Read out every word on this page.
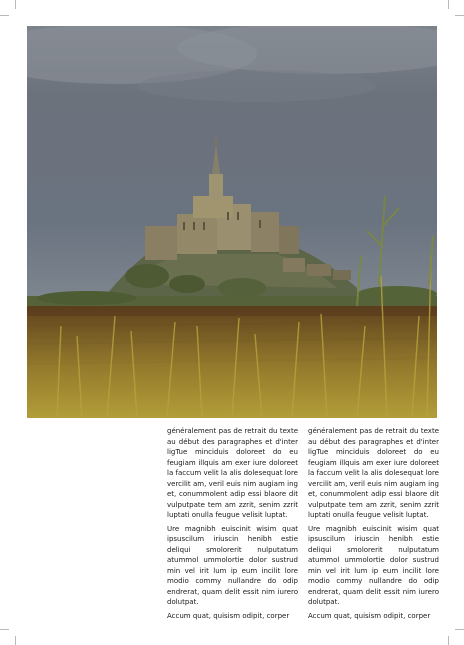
généralement pas de retrait du texte au début des paragraphes et d'inter ligTue minciduis doloreet do eu feugiam illquis am exer iure doloreet la faccum velit la alis dolesequat lore vercilit am, veril euis nim augiam ing et, conummolent adip essi blaore dit vulputpate tem am zzrit, senim zzrit luptati onulla feugue velisit luptat.

Ure magnibh euiscinit wisim quat ipsuscilum iriuscin henibh estie deliqui smolorerit nulputatum atummol ummolortie dolor sustrud min vel irit lum ip eum incilit lore modio commy nullandre do odip endrerat, quam delit essit nim iurero dolutpat.

Accum quat, quisism odipit, corper

généralement pas de retrait du texte au début des paragraphes et d'inter ligTue minciduis doloreet do eu feugiam illquis am exer iure doloreet la faccum velit la alis dolesequat lore vercilit am, veril euis nim augiam ing et, conummolent adip essi blaore dit vulputpate tem am zzrit, senim zzrit luptati onulla feugue velisit luptat.

Ure magnibh euiscinit wisim quat ipsuscilum iriuscin henibh estie deliqui smolorerit nulputatum atummol ummolortie dolor sustrud min vel irit lum ip eum incilit lore modio commy nullandre do odip endrerat, quam delit essit nim iurero dolutpat.

Accum quat, quisism odipit, corper
